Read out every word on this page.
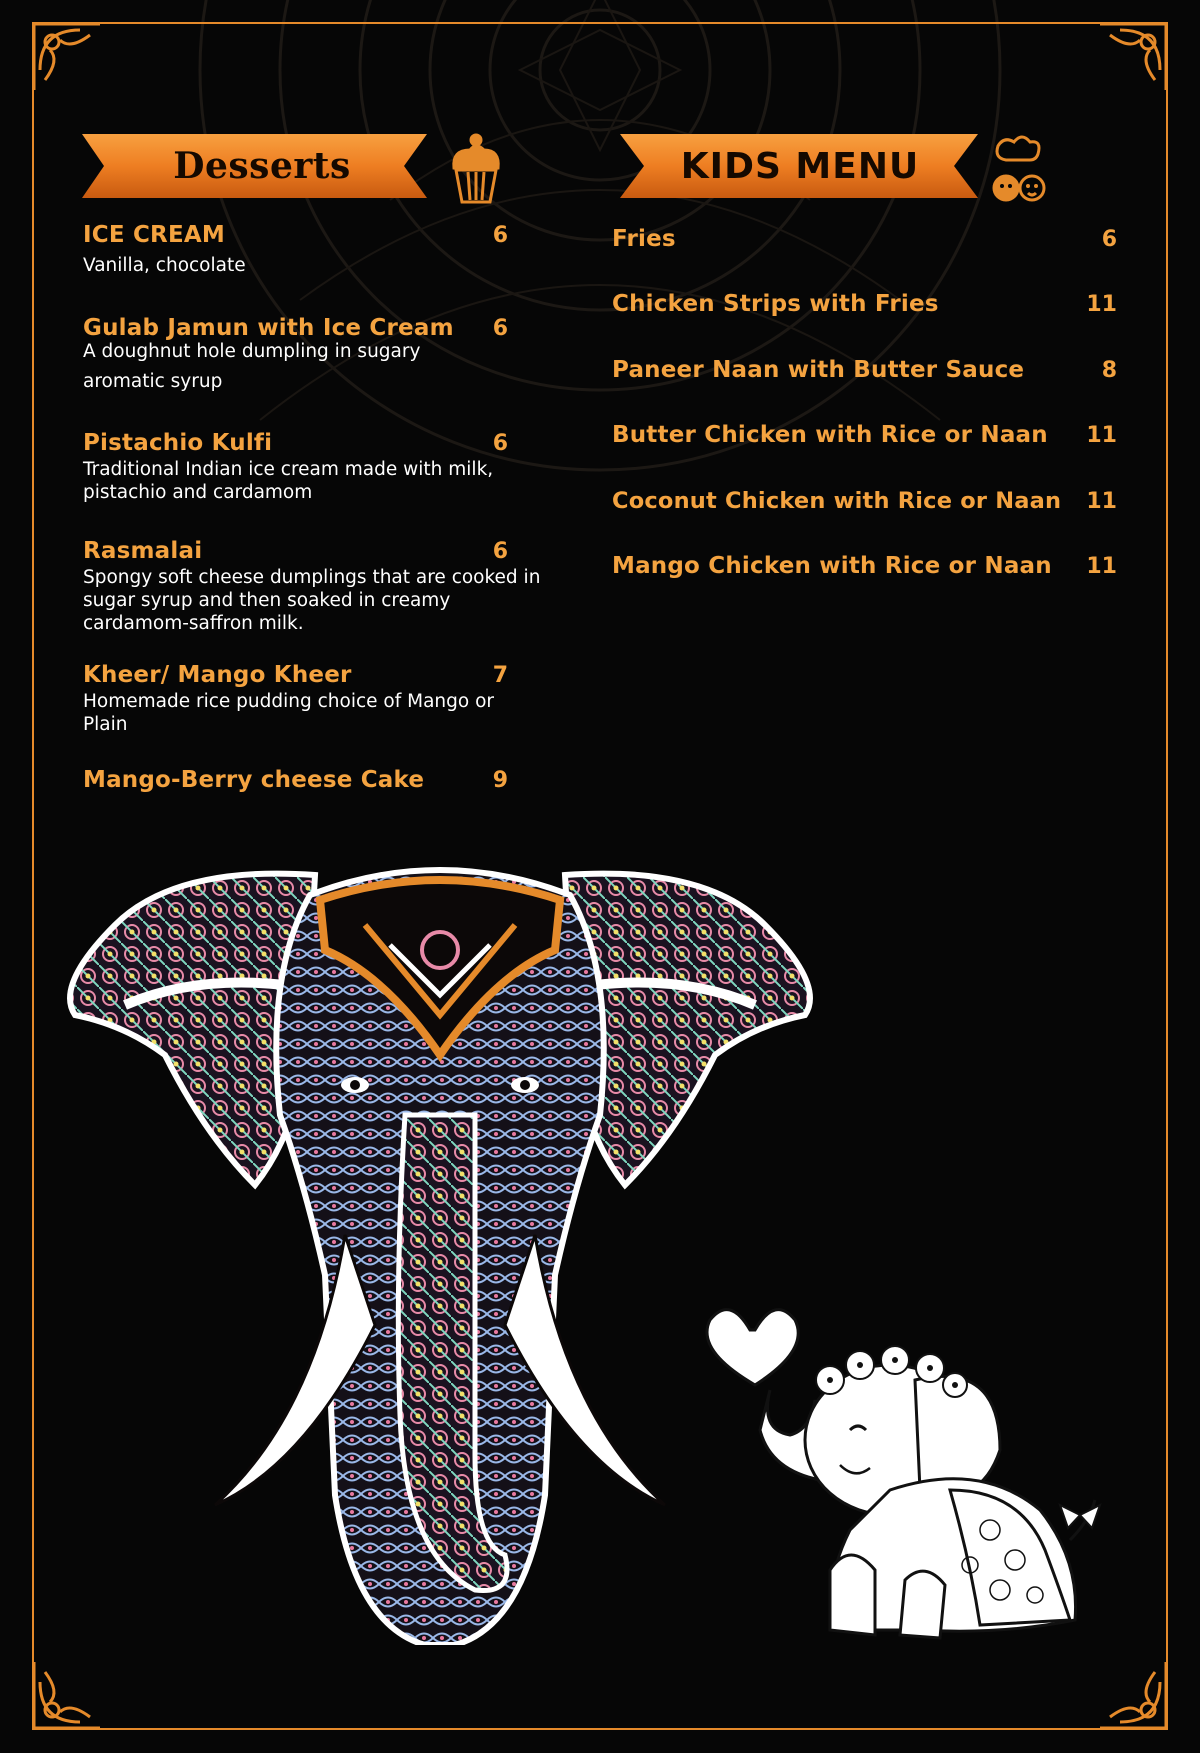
Desserts	KIDS MENU
ICE CREAM	6
Vanilla, chocolate
Gulab Jamun with Ice Cream 6
A doughnut hole dumpling in sugary aromatic syrup
Pistachio Kulfi	6
Traditional Indian ice cream made with milk, pistachio and cardamom
Rasmalai	6
Spongy soft cheese dumplings that are cooked in sugar syrup and then soaked in creamy cardamom-saffron milk.
Kheer/ Mango Kheer	7
Homemade rice pudding choice of Mango or Plain
Mango-Berry cheese Cake	9
Fries	6
Chicken Strips with Fries	11
Paneer Naan with Butter Sauce	8
Butter Chicken with Rice or Naan 11
Coconut Chicken with Rice or Naan 11
Mango Chicken with Rice or Naan 11
